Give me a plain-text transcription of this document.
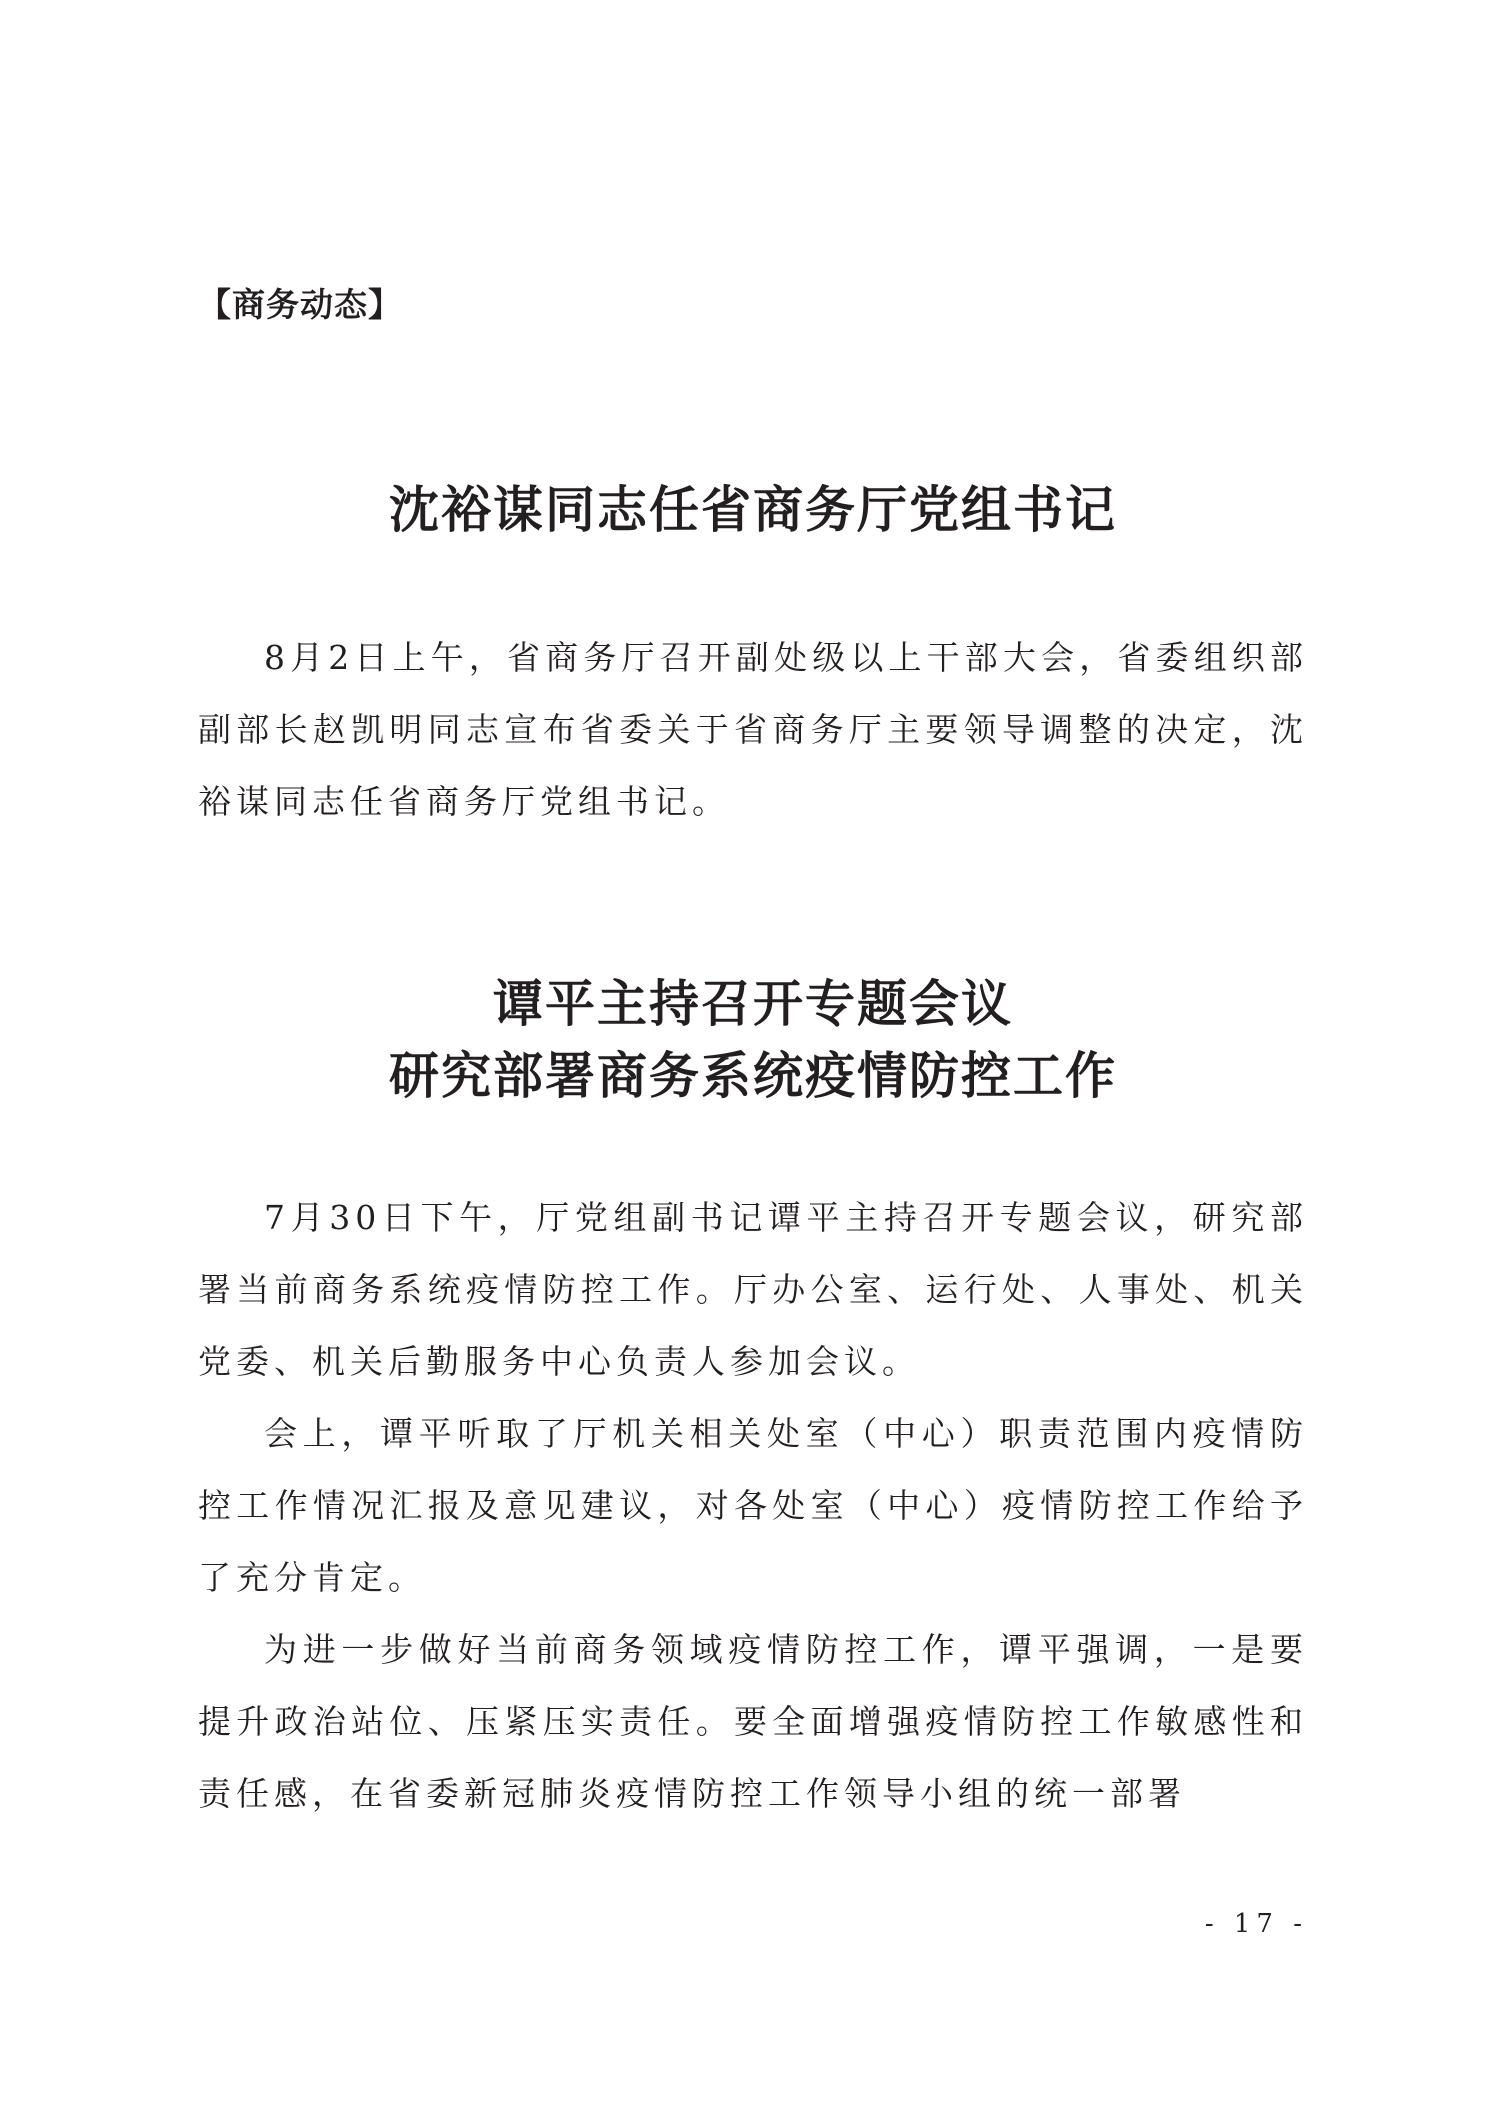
【商务动态】
沈裕谋同志任省商务厅党组书记

8月2日上午，省商务厅召开副处级以上干部大会，省委组织部副部长赵凯明同志宣布省委关于省商务厅主要领导调整的决定，沈裕谋同志任省商务厅党组书记。

谭平主持召开专题会议
研究部署商务系统疫情防控工作

7月30日下午，厅党组副书记谭平主持召开专题会议，研究部署当前商务系统疫情防控工作。厅办公室、运行处、人事处、机关党委、机关后勤服务中心负责人参加会议。

会上，谭平听取了厅机关相关处室（中心）职责范围内疫情防控工作情况汇报及意见建议，对各处室（中心）疫情防控工作给予了充分肯定。

为进一步做好当前商务领域疫情防控工作，谭平强调，一是要提升政治站位、压紧压实责任。要全面增强疫情防控工作敏感性和责任感，在省委新冠肺炎疫情防控工作领导小组的统一部署

- 17 -
